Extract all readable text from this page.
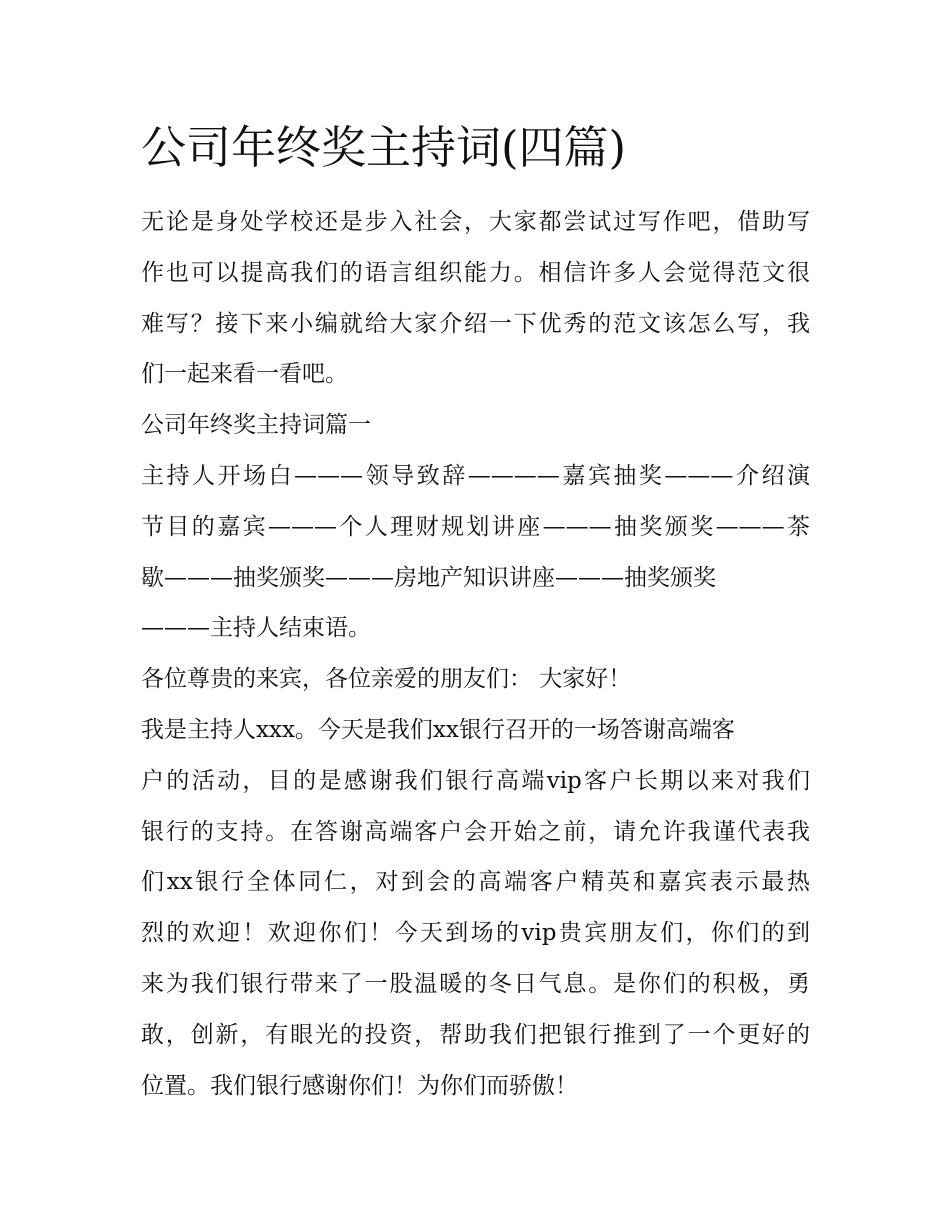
公司年终奖主持词(四篇)
无论是身处学校还是步入社会，大家都尝试过写作吧，借助写
作也可以提高我们的语言组织能力。相信许多人会觉得范文很
难写？接下来小编就给大家介绍一下优秀的范文该怎么写，我
们一起来看一看吧。
公司年终奖主持词篇一
主持人开场白———领导致辞————嘉宾抽奖———介绍演
节目的嘉宾———个人理财规划讲座———抽奖颁奖———茶
歇———抽奖颁奖———房地产知识讲座———抽奖颁奖
———主持人结束语。
各位尊贵的来宾，各位亲爱的朋友们： 大家好！
我是主持人xxx。今天是我们xx银行召开的一场答谢高端客
户的活动，目的是感谢我们银行高端vip客户长期以来对我们
银行的支持。在答谢高端客户会开始之前，请允许我谨代表我
们xx银行全体同仁，对到会的高端客户精英和嘉宾表示最热
烈的欢迎！欢迎你们！今天到场的vip贵宾朋友们，你们的到
来为我们银行带来了一股温暖的冬日气息。是你们的积极，勇
敢，创新，有眼光的投资，帮助我们把银行推到了一个更好的
位置。我们银行感谢你们！为你们而骄傲！
